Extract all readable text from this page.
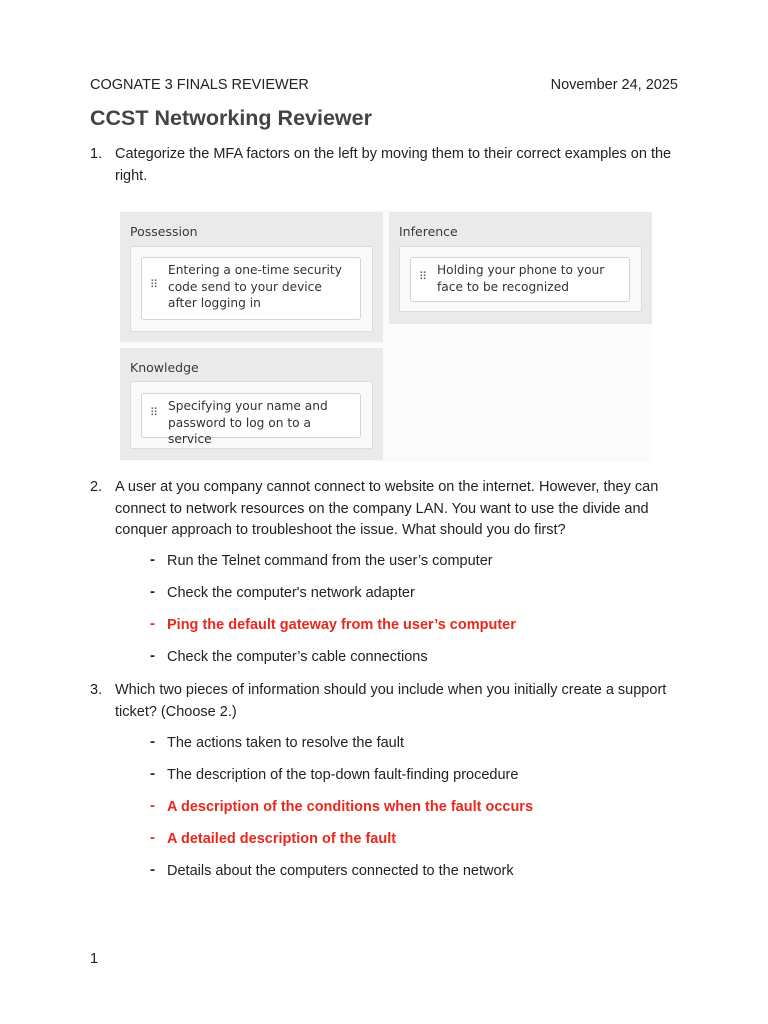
COGNATE 3 FINALS REVIEWER	November 24, 2025
CCST Networking Reviewer
1. Categorize the MFA factors on the left by moving them to their correct examples on the right.
Possession
⠿
Entering a one-time security code send to your device after logging in
Inference
⠿ Holding your phone to your face to be recognized
Knowledge
⠿ Specifying your name and password to log on to a service
2. A user at you company cannot connect to website on the internet. However, they can connect to network resources on the company LAN. You want to use the divide and conquer approach to troubleshoot the issue. What should you do first?
- Run the Telnet command from the user’s computer
- Check the computer's network adapter
- Ping the default gateway from the user’s computer
- Check the computer’s cable connections
3. Which two pieces of information should you include when you initially create a support ticket? (Choose 2.)
- The actions taken to resolve the fault
- The description of the top-down fault-finding procedure
- A description of the conditions when the fault occurs
- A detailed description of the fault
- Details about the computers connected to the network
1
